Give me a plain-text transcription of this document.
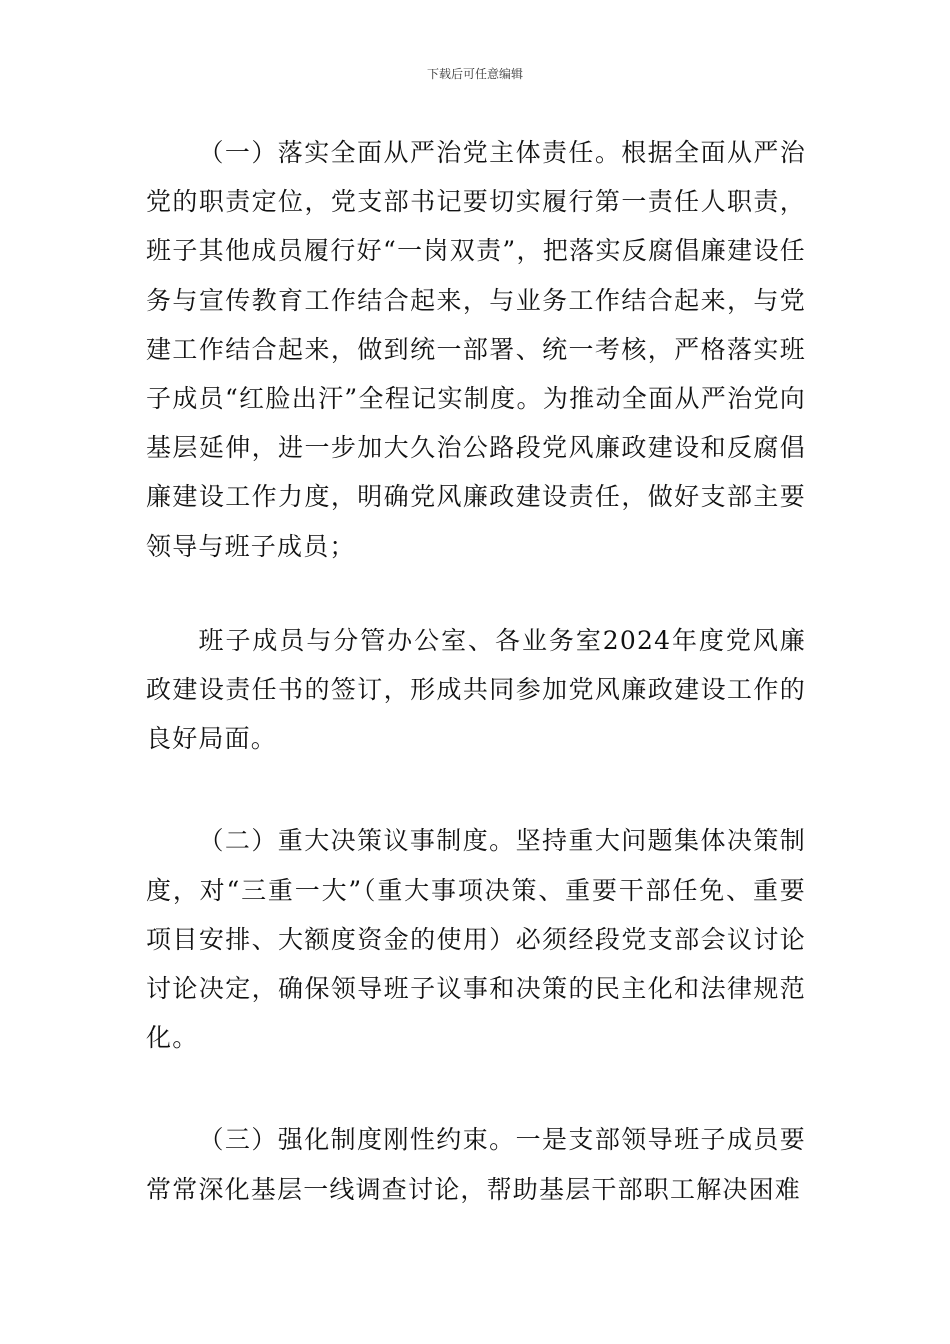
下载后可任意编辑

（一）落实全面从严治党主体责任。根据全面从严治党的职责定位，党支部书记要切实履行第一责任人职责，班子其他成员履行好“一岗双责”，把落实反腐倡廉建设任务与宣传教育工作结合起来，与业务工作结合起来，与党建工作结合起来，做到统一部署、统一考核，严格落实班子成员“红脸出汗”全程记实制度。为推动全面从严治党向基层延伸，进一步加大久治公路段党风廉政建设和反腐倡廉建设工作力度，明确党风廉政建设责任，做好支部主要领导与班子成员；

班子成员与分管办公室、各业务室2024年度党风廉政建设责任书的签订，形成共同参加党风廉政建设工作的良好局面。

（二）重大决策议事制度。坚持重大问题集体决策制度，对“三重一大”（重大事项决策、重要干部任免、重要项目安排、大额度资金的使用）必须经段党支部会议讨论讨论决定，确保领导班子议事和决策的民主化和法律规范化。

（三）强化制度刚性约束。一是支部领导班子成员要常常深化基层一线调查讨论，帮助基层干部职工解决困难
